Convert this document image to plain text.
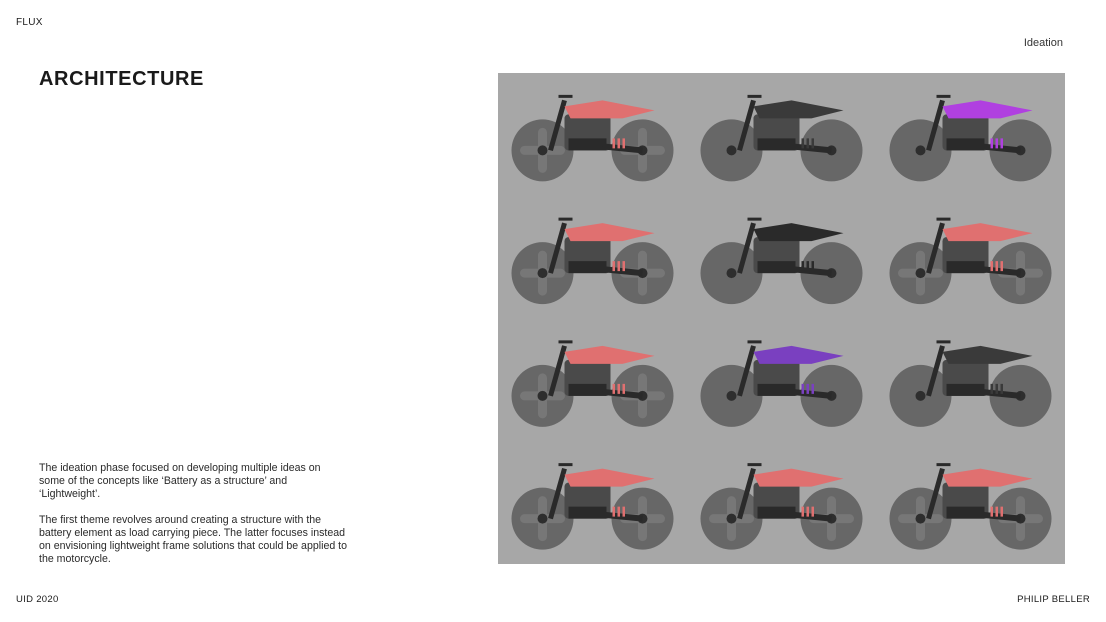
FLUX
Ideation
ARCHITECTURE

The ideation phase focused on developing multiple ideas on some of the concepts like ‘Battery as a structure’ and ‘Lightweight’.

The first theme revolves around creating a structure with the battery element as load carrying piece. The latter focuses instead on envisioning lightweight frame solutions that could be applied to the motorcycle.

UID 2020	PHILIP BELLER
